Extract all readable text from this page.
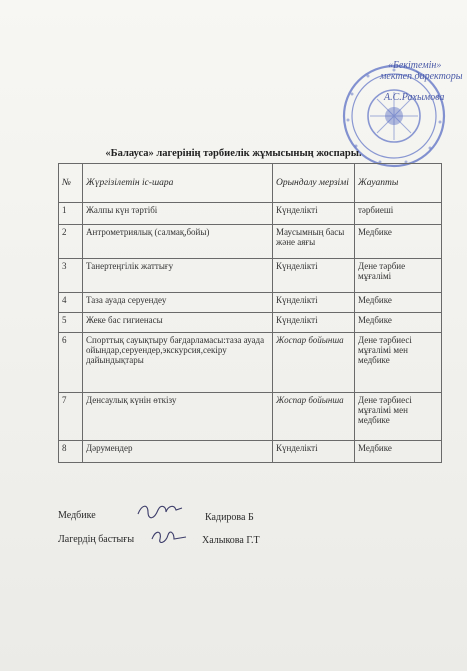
«Бекітемін»
мектеп директоры
А.С.Рахымова
«Балауса» лагерінің тәрбиелік жұмысының жоспары.
№	Жүргізілетін іс-шара	Орындалу мерзімі	Жауапты
1	Жалпы күн тәртібі	Күнделікті	тәрбиеші
2	Антрометриялық (салмақ,бойы)	Маусымның басы және аяғы	Медбике
3	Танертеңгілік жаттығу	Күнделікті	Дене тәрбие мұғалімі
4	Таза ауада серуендеу	Күнделікті	Медбике
5	Жеке бас гигиенасы	Күнделікті	Медбике
6	Спорттық сауықтыру бағдарламасы:таза ауада ойындар,серуендер,экскурсия,секіру дайындықтары	Жоспар бойынша	Дене тәрбиесі мұғалімі мен медбике
7	Денсаулық күнін өткізу	Жоспар бойынша	Дене тәрбиесі мұғалімі мен медбике
8	Дәрумендер	Күнделікті	Медбике
Медбике	Кадирова Б
Лагердің бастығы	Халыкова Г.Т
